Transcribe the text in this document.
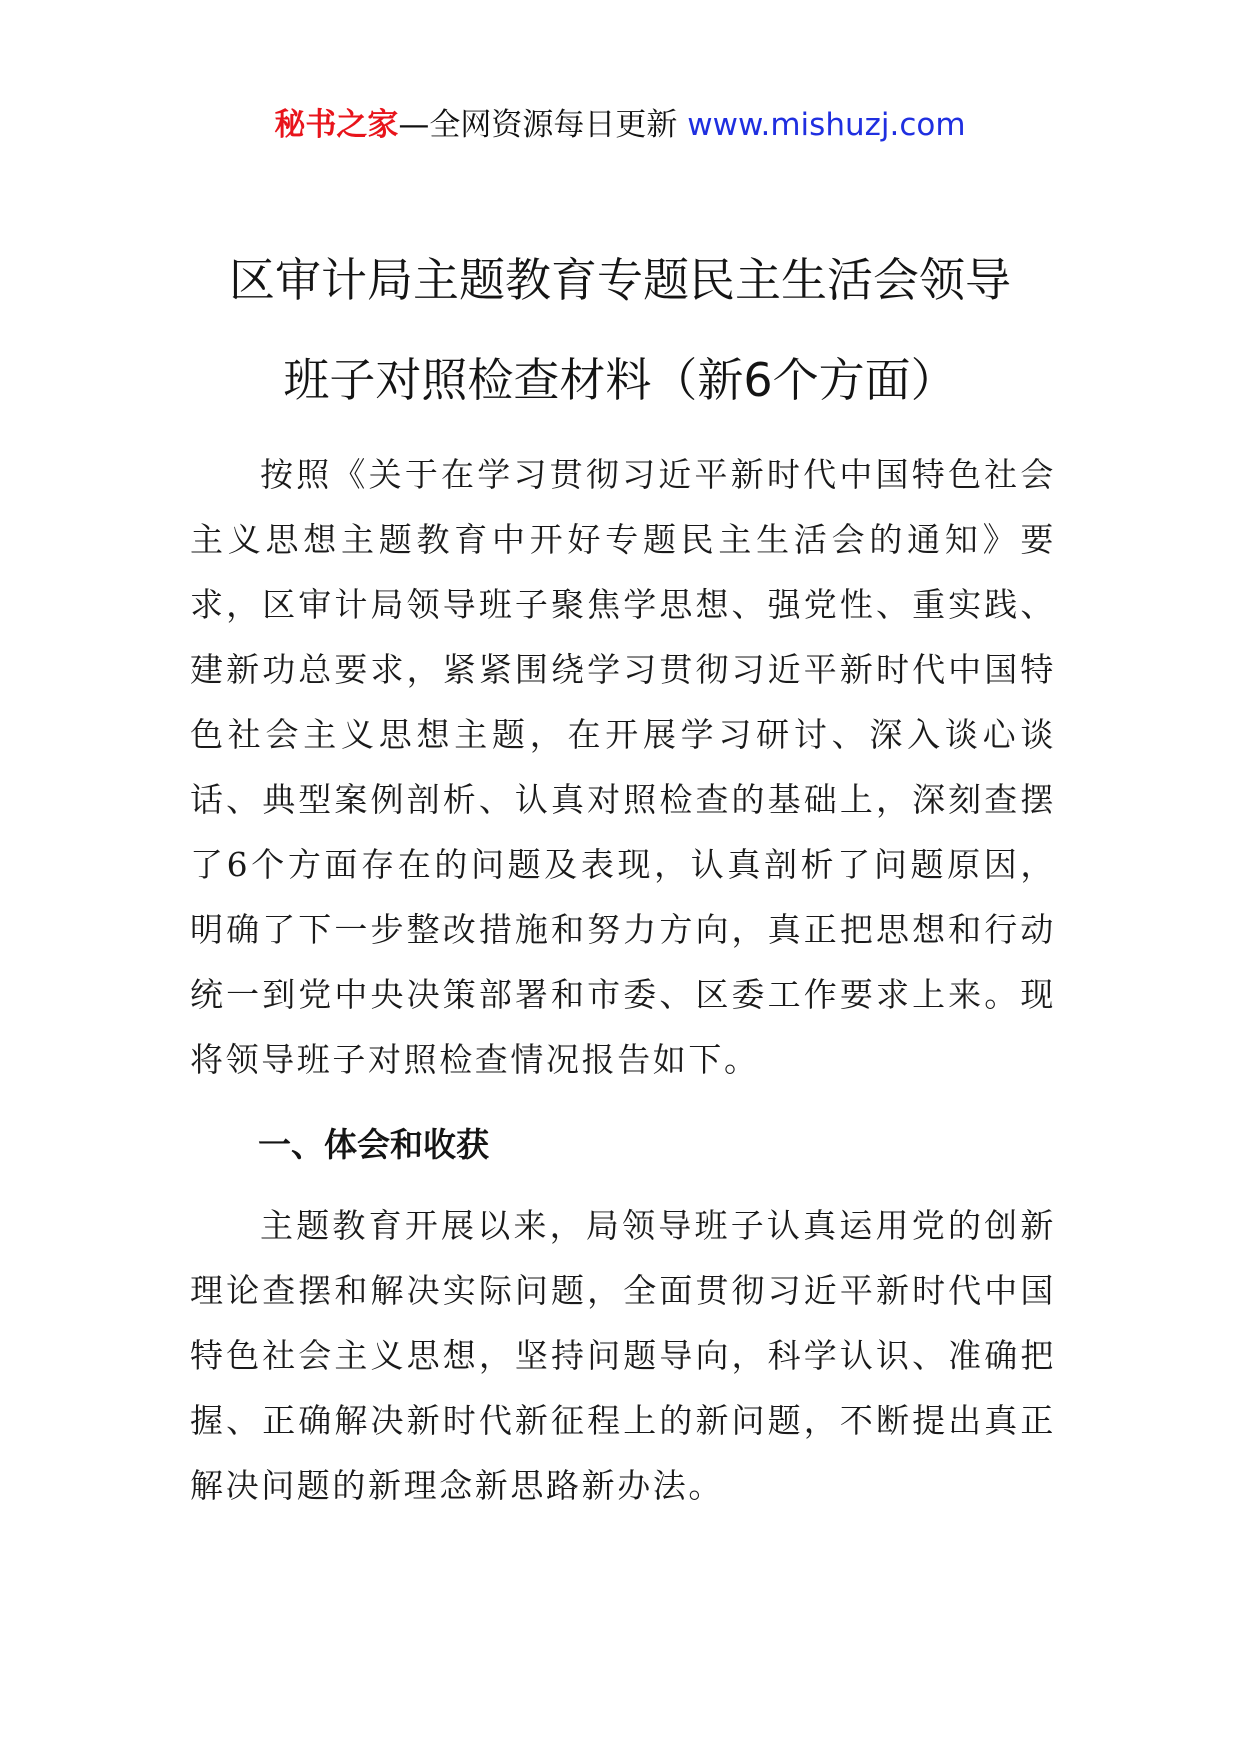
秘书之家—全网资源每日更新 www.mishuzj.com
区审计局主题教育专题民主生活会领导
班子对照检查材料（新6个方面）

按照《关于在学习贯彻习近平新时代中国特色社会主义思想主题教育中开好专题民主生活会的通知》要求，区审计局领导班子聚焦学思想、强党性、重实践、建新功总要求，紧紧围绕学习贯彻习近平新时代中国特色社会主义思想主题，在开展学习研讨、深入谈心谈话、典型案例剖析、认真对照检查的基础上，深刻查摆了6个方面存在的问题及表现，认真剖析了问题原因，明确了下一步整改措施和努力方向，真正把思想和行动统一到党中央决策部署和市委、区委工作要求上来。现将领导班子对照检查情况报告如下。

一、体会和收获

主题教育开展以来，局领导班子认真运用党的创新理论查摆和解决实际问题，全面贯彻习近平新时代中国特色社会主义思想，坚持问题导向，科学认识、准确把握、正确解决新时代新征程上的新问题，不断提出真正解决问题的新理念新思路新办法。
